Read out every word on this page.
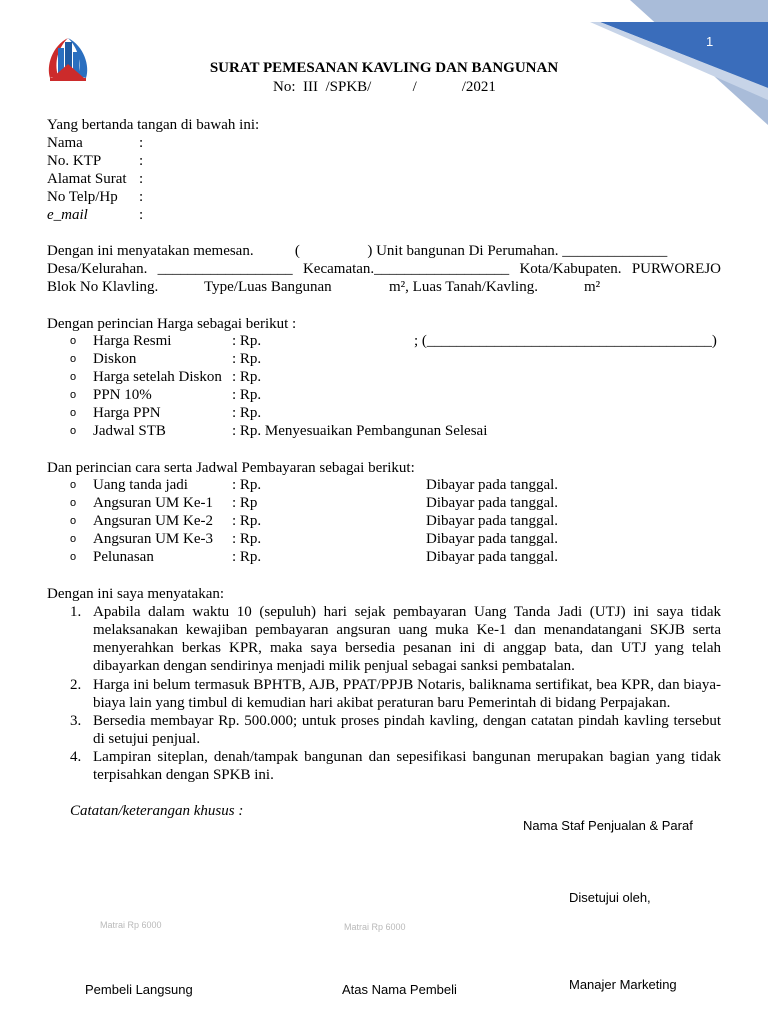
1
SURAT PEMESANAN KAVLING DAN BANGUNAN
No:  III  /SPKB/           /            /2021
Yang bertanda tangan di bawah ini:
Nama	:
No. KTP	:
Alamat Surat :
No Telp/Hp :
e_mail	:
Dengan ini menyatakan memesan.           (                  ) Unit bangunan Di Perumahan. ______________
Desa/Kelurahan. __________________ Kecamatan.__________________ Kota/Kabupaten. PURWOREJO
Blok No Klavling.	Type/Luas Bangunan	m², Luas Tanah/Kavling.	m²
Dengan perincian Harga sebagai berikut :
o Harga Resmi	: Rp.	; (______________________________________)
o Diskon	: Rp.
o Harga setelah Diskon : Rp.
o PPN 10%	: Rp.
o Harga PPN	: Rp.
o Jadwal STB	: Rp. Menyesuaikan Pembangunan Selesai
Dan perincian cara serta Jadwal Pembayaran sebagai berikut:
o Uang tanda jadi	: Rp.	Dibayar pada tanggal.
o Angsuran UM Ke-1 : Rp	Dibayar pada tanggal.
o Angsuran UM Ke-2 : Rp.	Dibayar pada tanggal.
o Angsuran UM Ke-3 : Rp.	Dibayar pada tanggal.
o Pelunasan	: Rp.	Dibayar pada tanggal.
Dengan ini saya menyatakan:
1. Apabila dalam waktu 10 (sepuluh) hari sejak pembayaran Uang Tanda Jadi (UTJ) ini saya tidak melaksanakan kewajiban pembayaran angsuran uang muka Ke-1 dan menandatangani SKJB serta menyerahkan berkas KPR, maka saya bersedia pesanan ini di anggap bata, dan UTJ yang telah dibayarkan dengan sendirinya menjadi milik penjual sebagai sanksi pembatalan.
2. Harga ini belum termasuk BPHTB, AJB, PPAT/PPJB Notaris, baliknama sertifikat, bea KPR, dan biaya-biaya lain yang timbul di kemudian hari akibat peraturan baru Pemerintah di bidang Perpajakan.
3. Bersedia membayar Rp. 500.000; untuk proses pindah kavling, dengan catatan pindah kavling tersebut di setujui penjual.
4. Lampiran siteplan, denah/tampak bangunan dan sepesifikasi bangunan merupakan bagian yang tidak terpisahkan dengan SPKB ini.
Catatan/keterangan khusus :
Nama Staf Penjualan & Paraf
Disetujui oleh,
Matrai Rp 6000	Matrai Rp 6000
Pembeli Langsung	Atas Nama Pembeli	Manajer Marketing
